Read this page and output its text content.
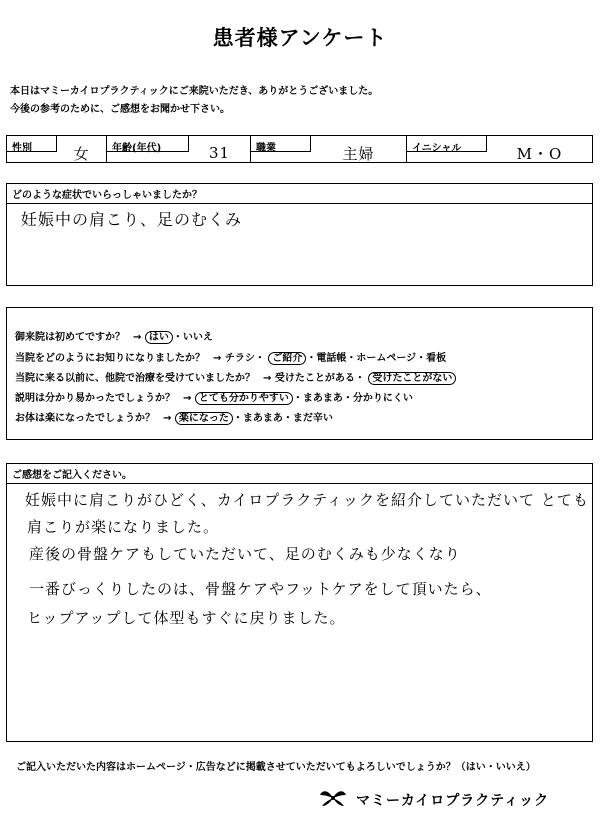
患者様アンケート
本日はマミーカイロプラクティックにご来院いただき、ありがとうございました。
今後の参考のために、ご感想をお聞かせ下さい。
性別	女	年齢(年代)	31	職業	主婦	イニシャル	M・O
どのような症状でいらっしゃいましたか？
妊娠中の肩こり、足のむくみ
御来院は初めてですか？ → はい ・いいえ
当院をどのようにお知りになりましたか？ → チラシ・ ご紹介 ・電話帳・ホームページ・看板
当院に来る以前に、他院で治療を受けていましたか？ → 受けたことがある・ 受けたことがない
説明は分かり易かったでしょうか？ → とても分かりやすい ・まあまあ・分かりにくい
お体は楽になったでしょうか？ → 楽になった ・まあまあ・まだ辛い
ご感想をご記入ください。
妊娠中に肩こりがひどく、カイロプラクティックを紹介していただいて とても
肩こりが楽になりました。
産後の骨盤ケアもしていただいて、足のむくみも少なくなり
一番びっくりしたのは、骨盤ケアやフットケアをして頂いたら、
ヒップアップして体型もすぐに戻りました。
ご記入いただいた内容はホームページ・広告などに掲載させていただいてもよろしいでしょうか？（はい・いいえ）
マミーカイロプラクティック
